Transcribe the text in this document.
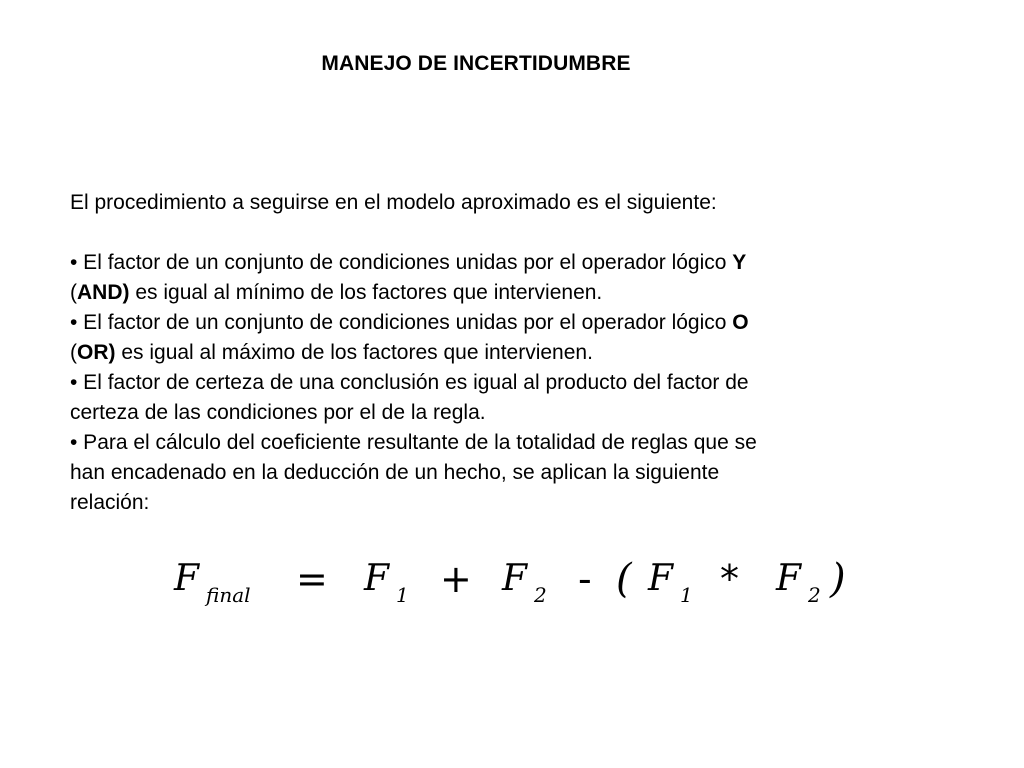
MANEJO DE INCERTIDUMBRE
El procedimiento a seguirse en el modelo aproximado es el siguiente:
• El factor de un conjunto de condiciones unidas por el operador lógico Y
(AND) es igual al mínimo de los factores que intervienen.
• El factor de un conjunto de condiciones unidas por el operador lógico O
(OR) es igual al máximo de los factores que intervienen.
• El factor de certeza de una conclusión es igual al producto del factor de
certeza de las condiciones por el de la regla.
• Para el cálculo del coeficiente resultante de la totalidad de reglas que se
han encadenado en la deducción de un hecho, se aplican la siguiente
relación:
F final = F 1 + F 2 - ( F 1 * F 2 )
